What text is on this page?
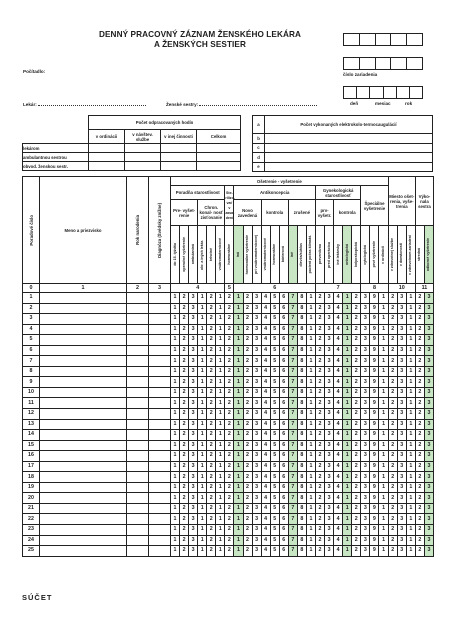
DENNÝ PRACOVNÝ ZÁZNAM ŽENSKÉHO LEKÁRA
A ŽENSKÝCH SESTIER
číslo zariadenia
deň	mesiac	rok
Počítadlo:
Lekár:	Ženské sestry:
	Počet odpracovaných hodín			
	v ordinácii	v návštev. službe	v inej činnosti	Celkom
lekárom				
ambulantnou sestrou				
obvod. ženskou sestr.				
a	Počet vykonaných elektrokolo-termocaugulácií
b	
c	
d	
e	
Poradové číslo	Meno a priezvisko	Rok narodenia	Diagnóza (Švédsky znížne)	Ošetrenie - vyšetrenie																								Miesto ošet- renia, vyše- trenia			Výko- nala sestra	
				Poradňa starostlivost						Ste- rilizo- vať v zasa- dení	Antikoncepcia									Gynekologická starostlivosť					Špeciálne vyšetrenie							
				Pre- vyšet- renie			Chron. konal- nosť zisťovanie				Novo zavedená			kontrola			zrušené			prv- vyšetr.		kontrola										

				do 15. týždňa	operačné vyšetrenie	ambulantná	okr. a iných lekár.	tehotné	vnútromaternicové	hormonálne	iná	hormonálne vyšetrenie	pri vnútromaternicovej	vnútromaternicové	hormonálne	bárierová	iné	dievča/súhlas	pacient počas klimakt.	preventívna	pred operáciou	iné lekársky	onkologická	kolposkopická	cytologická	prvé vyšetrenie	v ordinácii	v zdravotnej službe	v domácnosti	v zdravotnom zariadení	stredná	odborné vyšetrenie

0	1	2	3	4						5	6									7					8			10			11	
1				1	2	3	1	2	1	2	1	2	3	4	5	6	7	8	1	2	3	4	1	2	3	9	1	2	3	1	2	3
2				1	2	3	1	2	1	2	1	2	3	4	5	6	7	8	1	2	3	4	1	2	3	9	1	2	3	1	2	3
3				1	2	3	1	2	1	2	1	2	3	4	5	6	7	8	1	2	3	4	1	2	3	9	1	2	3	1	2	3
4				1	2	3	1	2	1	2	1	2	3	4	5	6	7	8	1	2	3	4	1	2	3	9	1	2	3	1	2	3
5				1	2	3	1	2	1	2	1	2	3	4	5	6	7	8	1	2	3	4	1	2	3	9	1	2	3	1	2	3
6				1	2	3	1	2	1	2	1	2	3	4	5	6	7	8	1	2	3	4	1	2	3	9	1	2	3	1	2	3
7				1	2	3	1	2	1	2	1	2	3	4	5	6	7	8	1	2	3	4	1	2	3	9	1	2	3	1	2	3
8				1	2	3	1	2	1	2	1	2	3	4	5	6	7	8	1	2	3	4	1	2	3	9	1	2	3	1	2	3
9				1	2	3	1	2	1	2	1	2	3	4	5	6	7	8	1	2	3	4	1	2	3	9	1	2	3	1	2	3
10				1	2	3	1	2	1	2	1	2	3	4	5	6	7	8	1	2	3	4	1	2	3	9	1	2	3	1	2	3
11				1	2	3	1	2	1	2	1	2	3	4	5	6	7	8	1	2	3	4	1	2	3	9	1	2	3	1	2	3
12				1	2	3	1	2	1	2	1	2	3	4	5	6	7	8	1	2	3	4	1	2	3	9	1	2	3	1	2	3
13				1	2	3	1	2	1	2	1	2	3	4	5	6	7	8	1	2	3	4	1	2	3	9	1	2	3	1	2	3
14				1	2	3	1	2	1	2	1	2	3	4	5	6	7	8	1	2	3	4	1	2	3	9	1	2	3	1	2	3
15				1	2	3	1	2	1	2	1	2	3	4	5	6	7	8	1	2	3	4	1	2	3	9	1	2	3	1	2	3
16				1	2	3	1	2	1	2	1	2	3	4	5	6	7	8	1	2	3	4	1	2	3	9	1	2	3	1	2	3
17				1	2	3	1	2	1	2	1	2	3	4	5	6	7	8	1	2	3	4	1	2	3	9	1	2	3	1	2	3
18				1	2	3	1	2	1	2	1	2	3	4	5	6	7	8	1	2	3	4	1	2	3	9	1	2	3	1	2	3
19				1	2	3	1	2	1	2	1	2	3	4	5	6	7	8	1	2	3	4	1	2	3	9	1	2	3	1	2	3
20				1	2	3	1	2	1	2	1	2	3	4	5	6	7	8	1	2	3	4	1	2	3	9	1	2	3	1	2	3
21				1	2	3	1	2	1	2	1	2	3	4	5	6	7	8	1	2	3	4	1	2	3	9	1	2	3	1	2	3
22				1	2	3	1	2	1	2	1	2	3	4	5	6	7	8	1	2	3	4	1	2	3	9	1	2	3	1	2	3
23				1	2	3	1	2	1	2	1	2	3	4	5	6	7	8	1	2	3	4	1	2	3	9	1	2	3	1	2	3
24				1	2	3	1	2	1	2	1	2	3	4	5	6	7	8	1	2	3	4	1	2	3	9	1	2	3	1	2	3
25				1	2	3	1	2	1	2	1	2	3	4	5	6	7	8	1	2	3	4	1	2	3	9	1	2	3	1	2	3
SÚČET
